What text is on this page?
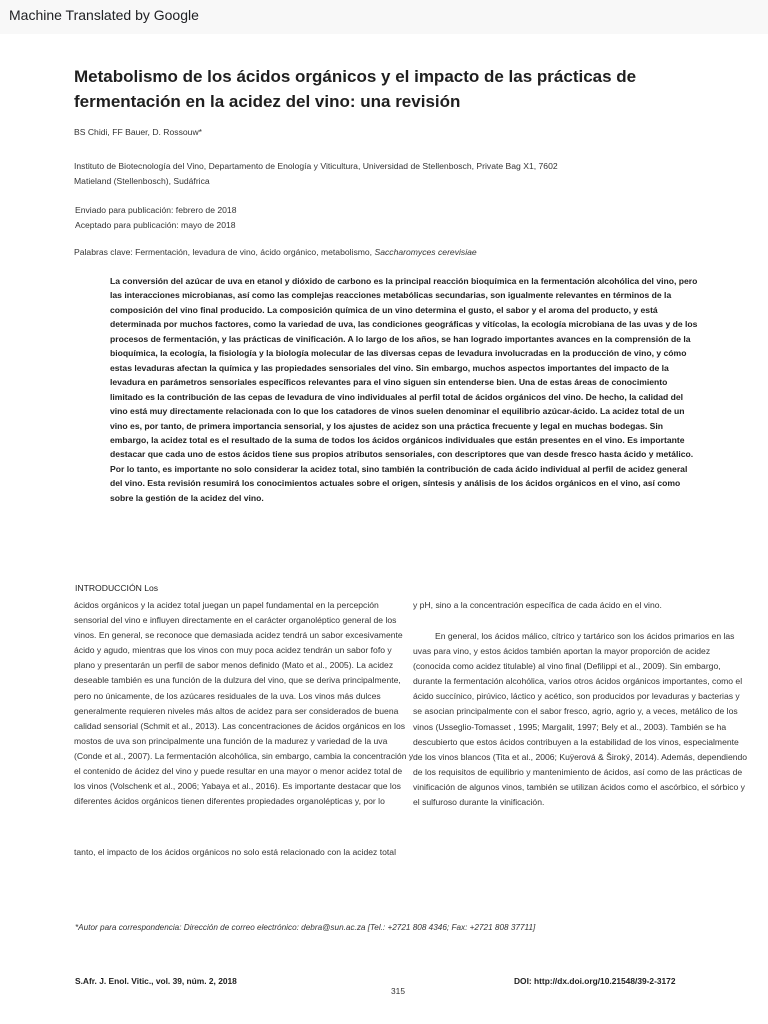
Machine Translated by Google
Metabolismo de los ácidos orgánicos y el impacto de las prácticas de fermentación en la acidez del vino: una revisión
BS Chidi, FF Bauer, D. Rossouw*

Instituto de Biotecnología del Vino, Departamento de Enología y Viticultura, Universidad de Stellenbosch, Private Bag X1, 7602

Matieland (Stellenbosch), Sudáfrica

Enviado para publicación: febrero de 2018

Aceptado para publicación: mayo de 2018

Palabras clave: Fermentación, levadura de vino, ácido orgánico, metabolismo, Saccharomyces cerevisiae
La conversión del azúcar de uva en etanol y dióxido de carbono es la principal reacción bioquímica en la fermentación alcohólica del vino, pero las interacciones microbianas, así como las complejas reacciones metabólicas secundarias, son igualmente relevantes en términos de la composición del vino final producido. La composición química de un vino determina el gusto, el sabor y el aroma del producto, y está determinada por muchos factores, como la variedad de uva, las condiciones geográficas y vitícolas, la ecología microbiana de las uvas y de los procesos de fermentación, y las prácticas de vinificación. A lo largo de los años, se han logrado importantes avances en la comprensión de la bioquímica, la ecología, la fisiología y la biología molecular de las diversas cepas de levadura involucradas en la producción de vino, y cómo estas levaduras afectan la química y las propiedades sensoriales del vino. Sin embargo, muchos aspectos importantes del impacto de la levadura en parámetros sensoriales específicos relevantes para el vino siguen sin entenderse bien. Una de estas áreas de conocimiento limitado es la contribución de las cepas de levadura de vino individuales al perfil total de ácidos orgánicos del vino. De hecho, la calidad del vino está muy directamente relacionada con lo que los catadores de vinos suelen denominar el equilibrio azúcar-ácido. La acidez total de un vino es, por tanto, de primera importancia sensorial, y los ajustes de acidez son una práctica frecuente y legal en muchas bodegas. Sin embargo, la acidez total es el resultado de la suma de todos los ácidos orgánicos individuales que están presentes en el vino. Es importante destacar que cada uno de estos ácidos tiene sus propios atributos sensoriales, con descriptores que van desde fresco hasta ácido y metálico. Por lo tanto, es importante no solo considerar la acidez total, sino también la contribución de cada ácido individual al perfil de acidez general del vino. Esta revisión resumirá los conocimientos actuales sobre el origen, síntesis y análisis de los ácidos orgánicos en el vino, así como sobre la gestión de la acidez del vino.
INTRODUCCIÓN Los
ácidos orgánicos y la acidez total juegan un papel fundamental en la percepción sensorial del vino e influyen directamente en el carácter organoléptico general de los vinos. En general, se reconoce que demasiada acidez tendrá un sabor excesivamente ácido y agudo, mientras que los vinos con muy poca acidez tendrán un sabor fofo y plano y presentarán un perfil de sabor menos definido (Mato et al., 2005). La acidez deseable también es una función de la dulzura del vino, que se deriva principalmente, pero no únicamente, de los azúcares residuales de la uva. Los vinos más dulces generalmente requieren niveles más altos de acidez para ser considerados de buena calidad sensorial (Schmit et al., 2013). Las concentraciones de ácidos orgánicos en los mostos de uva son principalmente una función de la madurez y variedad de la uva (Conde et al., 2007). La fermentación alcohólica, sin embargo, cambia la concentración y el contenido de ácidez del vino y puede resultar en una mayor o menor acidez total de los vinos (Volschenk et al., 2006; Yabaya et al., 2016). Es importante destacar que los diferentes ácidos orgánicos tienen diferentes propiedades organolépticas y, por lo
tanto, el impacto de los ácidos orgánicos no solo está relacionado con la acidez total
y pH, sino a la concentración específica de cada ácido en el vino.
En general, los ácidos málico, cítrico y tartárico son los ácidos primarios en las uvas para vino, y estos ácidos también aportan la mayor proporción de acidez (conocida como acidez titulable) al vino final (Defilippi et al., 2009). Sin embargo, durante la fermentación alcohólica, varios otros ácidos orgánicos importantes, como el ácido succínico, pirúvico, láctico y acético, son producidos por levaduras y bacterias y se asocian principalmente con el sabor fresco, agrio, agrio y, a veces, metálico de los vinos (Usseglio-Tomasset , 1995; Margalit, 1997; Bely et al., 2003). También se ha descubierto que estos ácidos contribuyen a la estabilidad de los vinos, especialmente de los vinos blancos (Tita et al., 2006; Kuÿerová & Široký, 2014). Además, dependiendo de los requisitos de equilibrio y mantenimiento de ácidos, así como de las prácticas de vinificación de algunos vinos, también se utilizan ácidos como el ascórbico, el sórbico y el sulfuroso durante la vinificación.
*Autor para correspondencia: Dirección de correo electrónico: debra@sun.ac.za [Tel.: +2721 808 4346; Fax: +2721 808 37711]
S.Afr. J. Enol. Vitic., vol. 39, núm. 2, 2018	DOI: http://dx.doi.org/10.21548/39-2-3172
315
